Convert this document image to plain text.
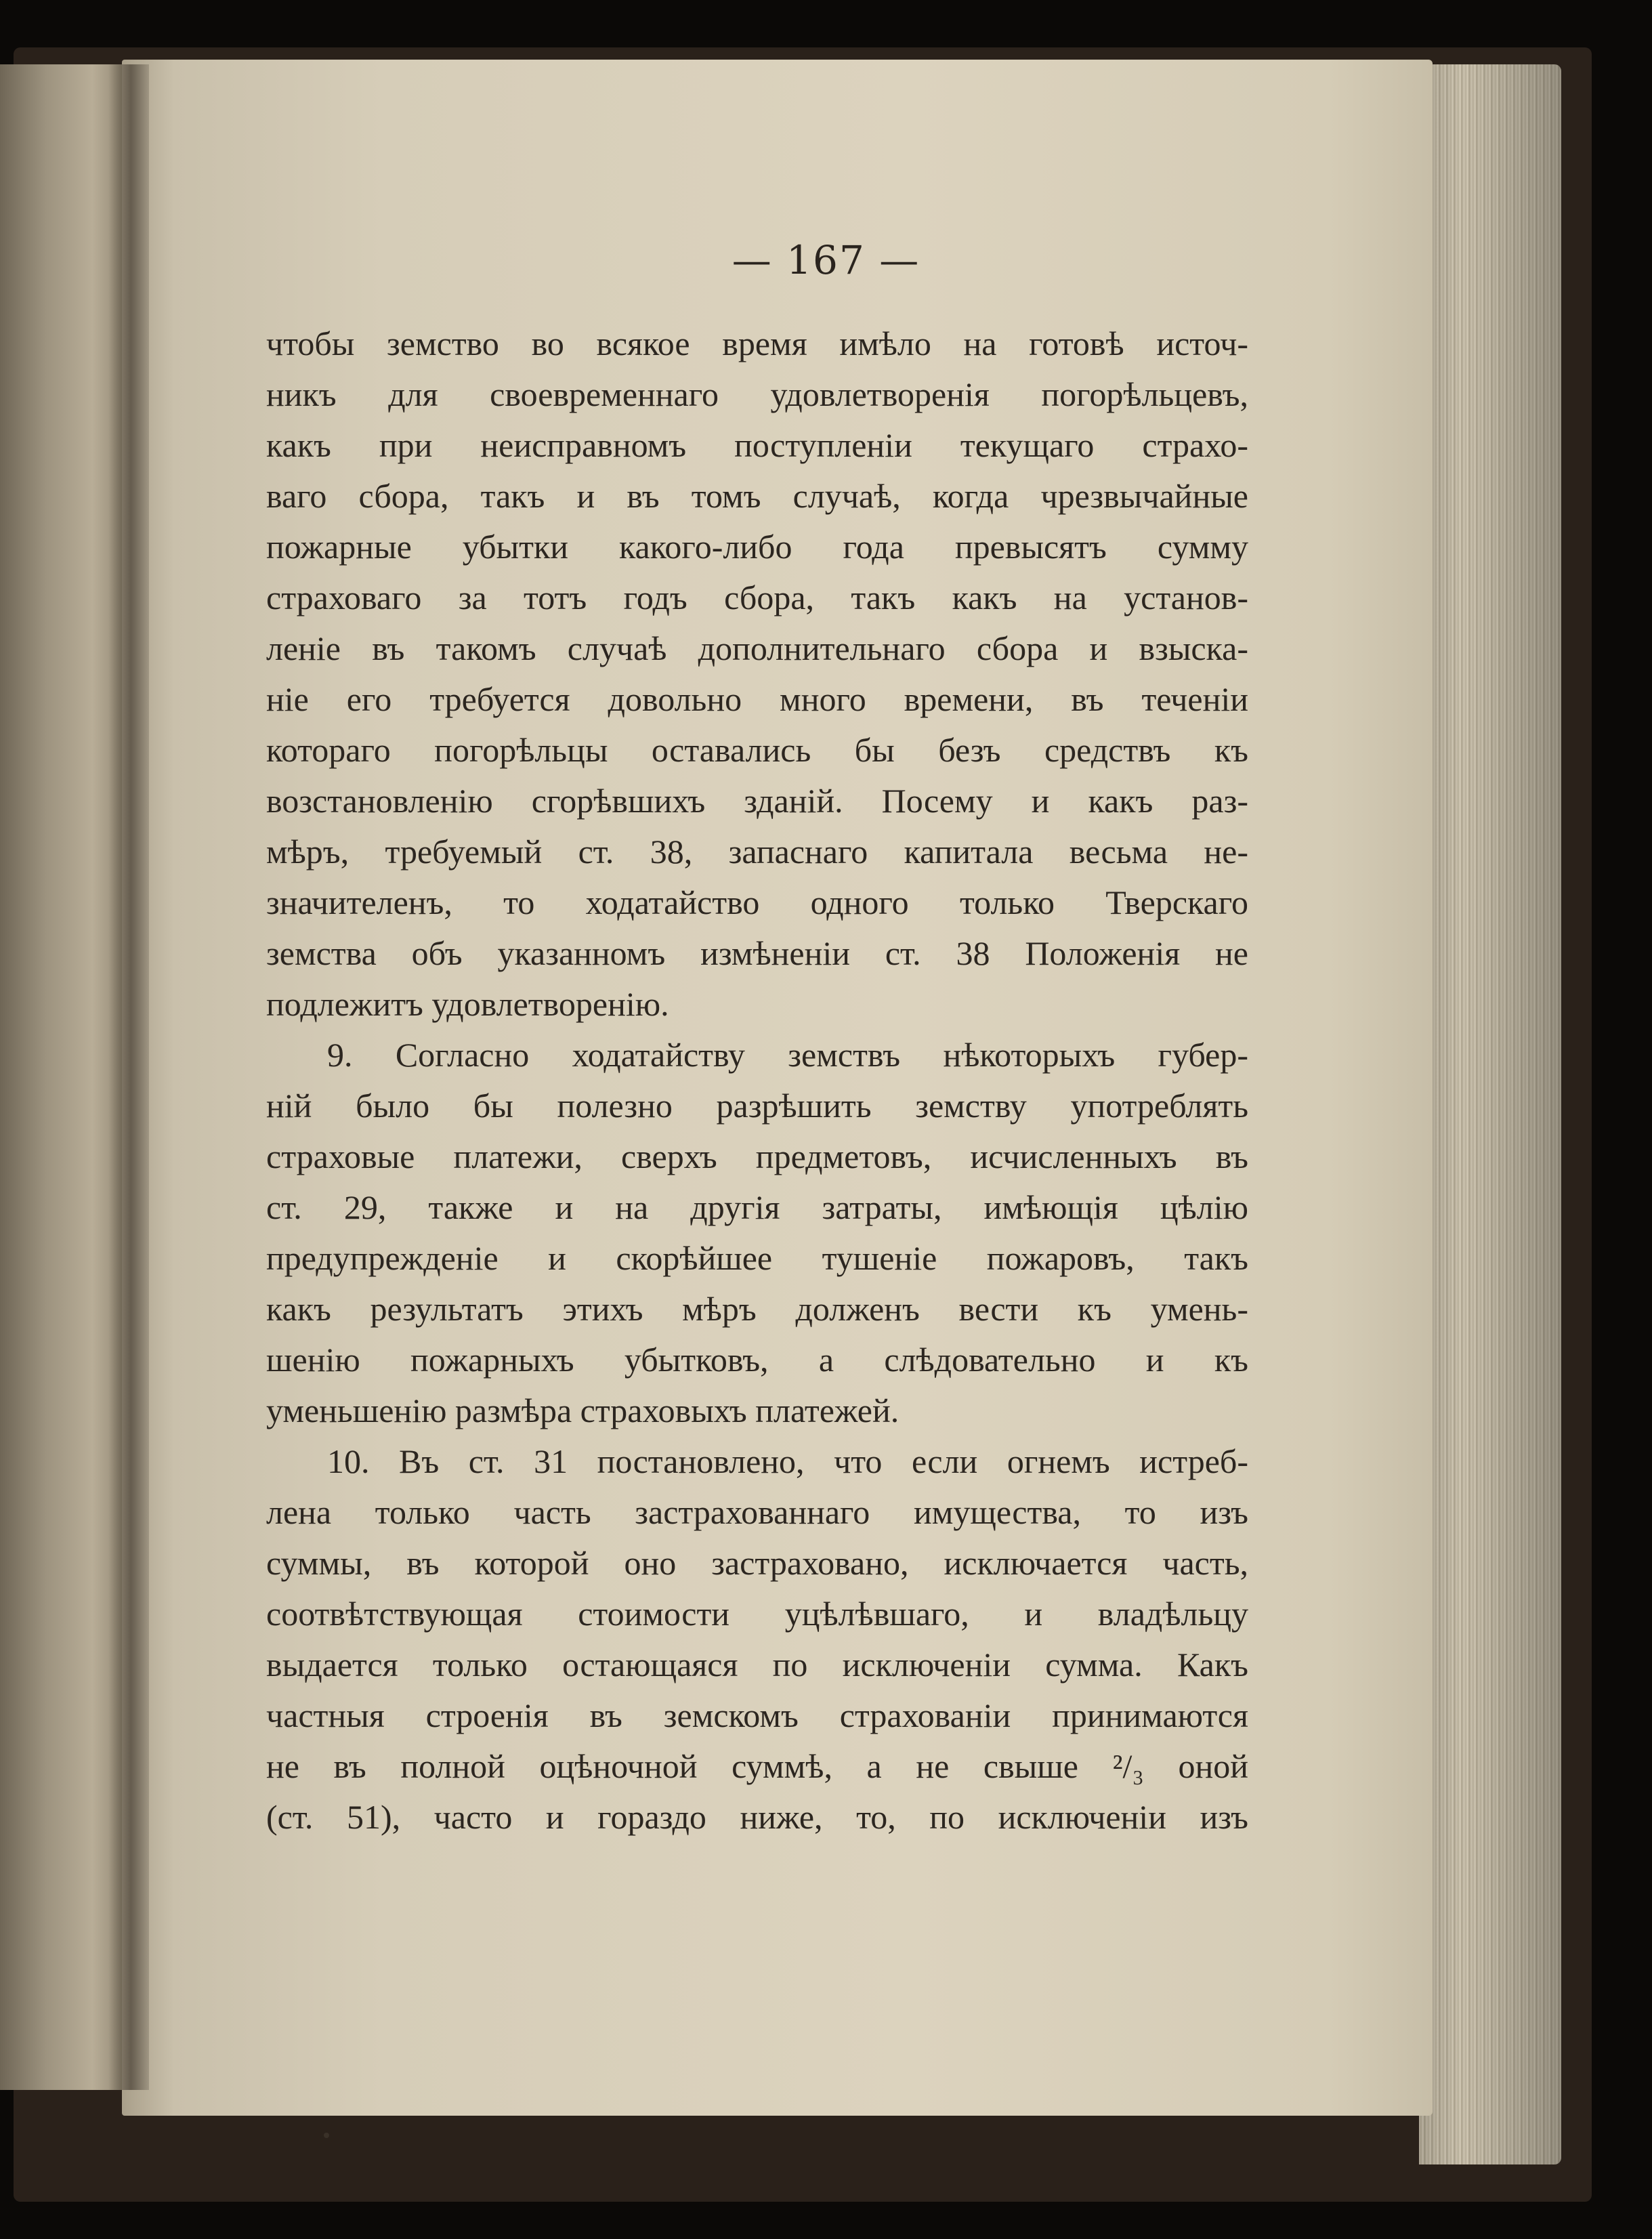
— 167 —
чтобы земство во всякое время имѣло на готовѣ источ-
никъ для своевременнаго удовлетворенія погорѣльцевъ,
какъ при неисправномъ поступленіи текущаго страхо-
ваго сбора, такъ и въ томъ случаѣ, когда чрезвычайные
пожарные убытки какого-либо года превысятъ сумму
страховаго за тотъ годъ сбора, такъ какъ на установ-
леніе въ такомъ случаѣ дополнительнаго сбора и взыска-
ніе его требуется довольно много времени, въ теченіи
котораго погорѣльцы оставались бы безъ средствъ къ
возстановленію сгорѣвшихъ зданій. Посему и какъ раз-
мѣръ, требуемый ст. 38, запаснаго капитала весьма не-
значителенъ, то ходатайство одного только Тверскаго
земства объ указанномъ измѣненіи ст. 38 Положенія не
подлежитъ удовлетворенію.
9. Согласно ходатайству земствъ нѣкоторыхъ губер-
ній было бы полезно разрѣшить земству употреблять
страховые платежи, сверхъ предметовъ, исчисленныхъ въ
ст. 29, также и на другія затраты, имѣющія цѣлію
предупрежденіе и скорѣйшее тушеніе пожаровъ, такъ
какъ результатъ этихъ мѣръ долженъ вести къ умень-
шенію пожарныхъ убытковъ, а слѣдовательно и къ
уменьшенію размѣра страховыхъ платежей.
10. Въ ст. 31 постановлено, что если огнемъ истреб-
лена только часть застрахованнаго имущества, то изъ
суммы, въ которой оно застраховано, исключается часть,
соотвѣтствующая стоимости уцѣлѣвшаго, и владѣльцу
выдается только остающаяся по исключеніи сумма. Какъ
частныя строенія въ земскомъ страхованіи принимаются
не въ полной оцѣночной суммѣ, а не свыше ²/₃ оной
(ст. 51), часто и гораздо ниже, то, по исключеніи изъ
